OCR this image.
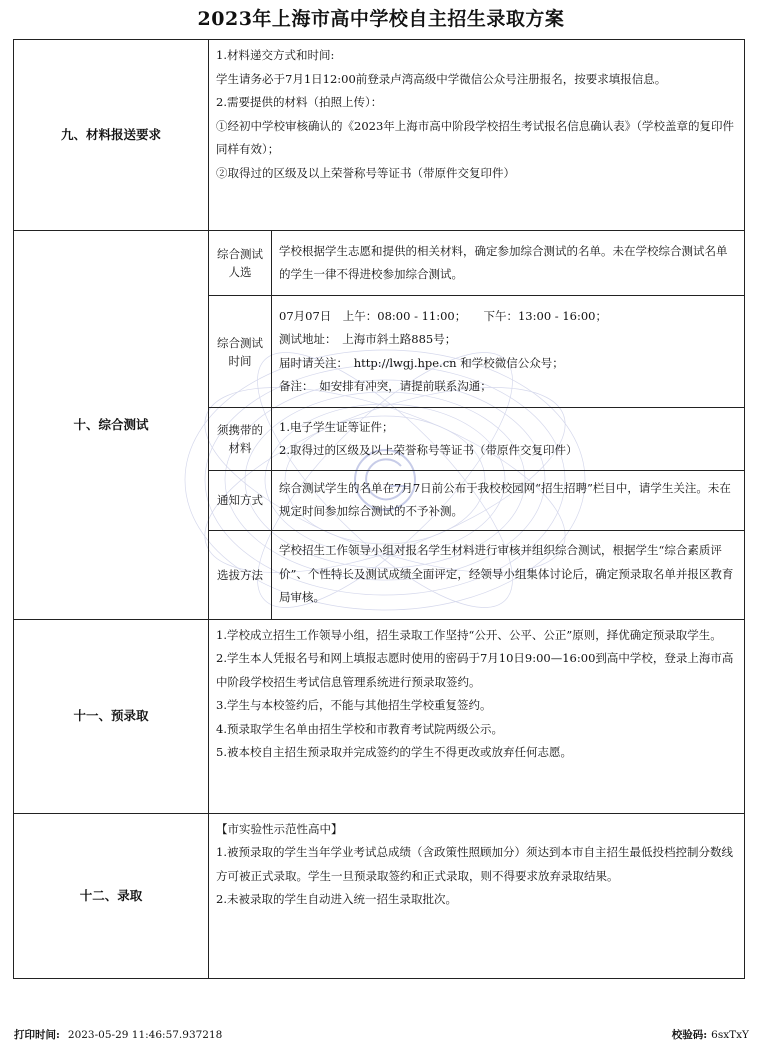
2023年上海市高中学校自主招生录取方案
九、材料报送要求	1.材料递交方式和时间:

学生请务必于7月1日12:00前登录卢湾高级中学微信公众号注册报名，按要求填报信息。

2.需要提供的材料（拍照上传）：

①经初中学校审核确认的《2023年上海市高中阶段学校招生考试报名信息确认表》（学校盖章的复印件同样有效）；

②取得过的区级及以上荣誉称号等证书（带原件交复印件）	

十、综合测试	综合测试人选	学校根据学生志愿和提供的相关材料，确定参加综合测试的名单。未在学校综合测试名单的学生一律不得进校参加综合测试。

	综合测试时间	07月07日　上午：08:00 - 11:00；　　下午：13:00 - 16:00；

测试地址：　上海市斜土路885号；

届时请关注：　http://lwgj.hpe.cn 和学校微信公众号；

备注：　如安排有冲突，请提前联系沟通；

	须携带的材料	1.电子学生证等证件；

2.取得过的区级及以上荣誉称号等证书（带原件交复印件）

	通知方式	综合测试学生的名单在7月7日前公布于我校校园网“招生招聘”栏目中，请学生关注。未在规定时间参加综合测试的不予补测。

	选拔方法	学校招生工作领导小组对报名学生材料进行审核并组织综合测试，根据学生“综合素质评价”、个性特长及测试成绩全面评定，经领导小组集体讨论后，确定预录取名单并报区教育局审核。

十一、预录取	1.学校成立招生工作领导小组，招生录取工作坚持“公开、公平、公正”原则，择优确定预录取学生。

2.学生本人凭报名号和网上填报志愿时使用的密码于7月10日9:00—16:00到高中学校，登录上海市高中阶段学校招生考试信息管理系统进行预录取签约。

3.学生与本校签约后，不能与其他招生学校重复签约。

4.预录取学生名单由招生学校和市教育考试院两级公示。

5.被本校自主招生预录取并完成签约的学生不得更改或放弃任何志愿。	

十二、录取	【市实验性示范性高中】

1.被预录取的学生当年学业考试总成绩（含政策性照顾加分）须达到本市自主招生最低投档控制分数线方可被正式录取。学生一旦预录取签约和正式录取，则不得要求放弃录取结果。

2.未被录取的学生自动进入统一招生录取批次。	

打印时间: 2023-05-29 11:46:57.937218	校验码: 6sxTxY
